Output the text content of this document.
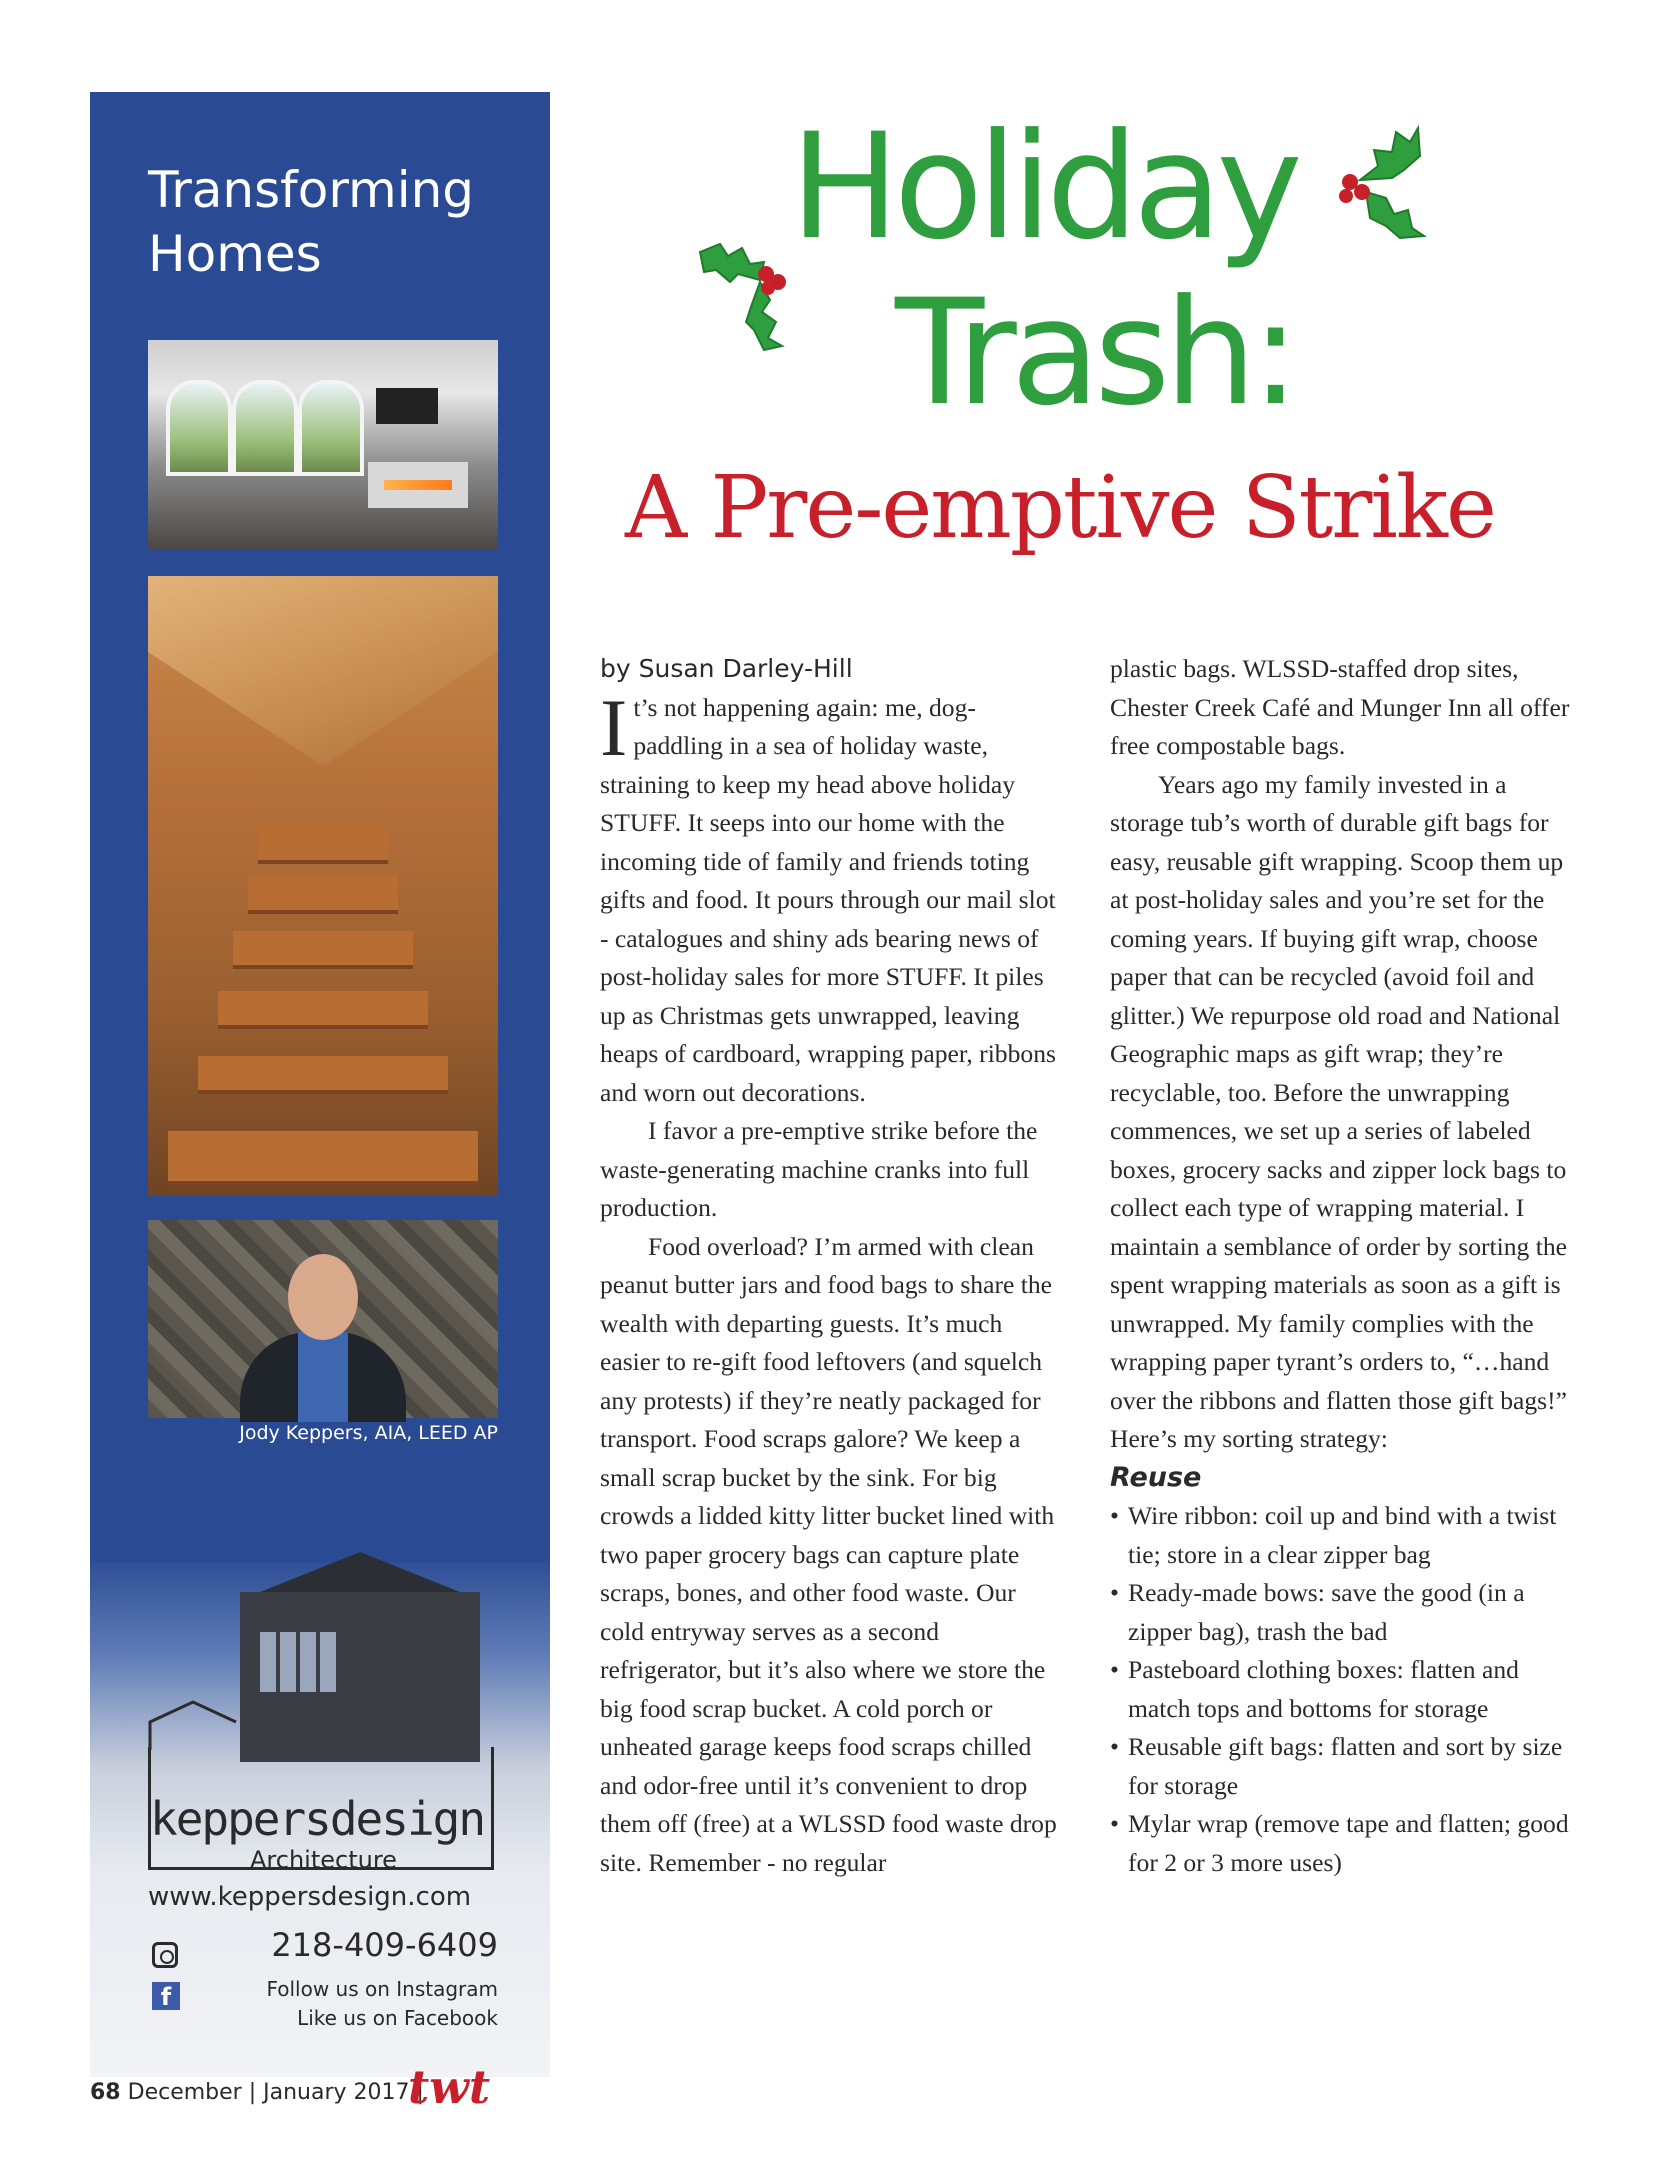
Transforming
Homes

Jody Keppers, AIA, LEED AP

keppersdesign

Architecture

www.keppersdesign.com

218-409-6409

f	Follow us on Instagram

Like us on Facebook

Holiday
Trash:
A Pre-emptive Strike

by Susan Darley-Hill

It’s not happening again: me, dog-paddling in a sea of holiday waste, straining to keep my head above holiday STUFF. It seeps into our home with the incoming tide of family and friends toting gifts and food. It pours through our mail slot - catalogues and shiny ads bearing news of post-holiday sales for more STUFF. It piles up as Christmas gets unwrapped, leaving heaps of cardboard, wrapping paper, ribbons and worn out decorations.

I favor a pre-emptive strike before the waste-generating machine cranks into full production.

Food overload? I’m armed with clean peanut butter jars and food bags to share the wealth with departing guests. It’s much easier to re-gift food leftovers (and squelch any protests) if they’re neatly packaged for transport. Food scraps galore? We keep a small scrap bucket by the sink. For big crowds a lidded kitty litter bucket lined with two paper grocery bags can capture plate scraps, bones, and other food waste. Our cold entryway serves as a second refrigerator, but it’s also where we store the big food scrap bucket. A cold porch or unheated garage keeps food scraps chilled and odor-free until it’s convenient to drop them off (free) at a WLSSD food waste drop site. Remember - no regular

plastic bags. WLSSD-staffed drop sites, Chester Creek Café and Munger Inn all offer free compostable bags.

Years ago my family invested in a storage tub’s worth of durable gift bags for easy, reusable gift wrapping. Scoop them up at post-holiday sales and you’re set for the coming years. If buying gift wrap, choose paper that can be recycled (avoid foil and glitter.) We repurpose old road and National Geographic maps as gift wrap; they’re recyclable, too. Before the unwrapping commences, we set up a series of labeled boxes, grocery sacks and zipper lock bags to collect each type of wrapping material. I maintain a semblance of order by sorting the spent wrapping materials as soon as a gift is unwrapped. My family complies with the wrapping paper tyrant’s orders to, “…hand over the ribbons and flatten those gift bags!” Here’s my sorting strategy:

Reuse

• Wire ribbon: coil up and bind with a twist tie; store in a clear zipper bag
• Ready-made bows: save the good (in a zipper bag), trash the bad
• Pasteboard clothing boxes: flatten and match tops and bottoms for storage
• Reusable gift bags: flatten and sort by size for storage
• Mylar wrap (remove tape and flatten; good for 2 or 3 more uses)

68 December | January 2017 |

twt
